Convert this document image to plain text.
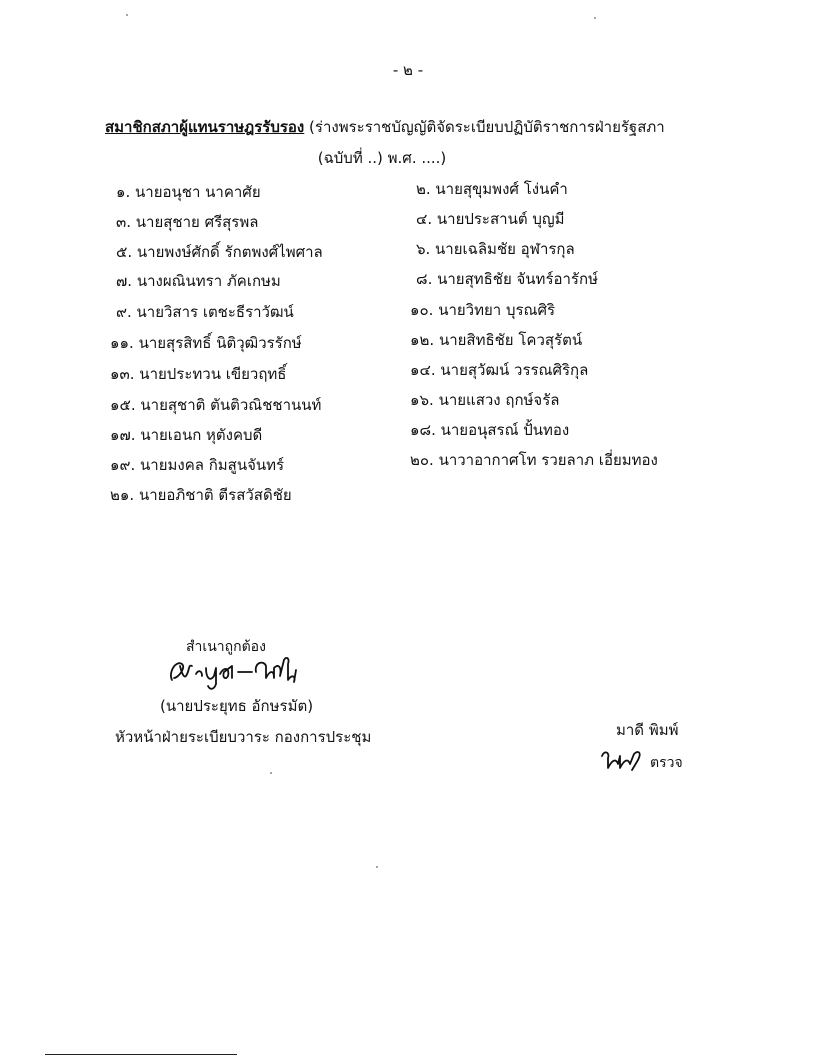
- ๒ -
สมาชิกสภาผู้แทนราษฎรรับรอง (ร่างพระราชบัญญัติจัดระเบียบปฏิบัติราชการฝ่ายรัฐสภา
(ฉบับที่ ..) พ.ศ. ....)
๑. นายอนุชา นาคาศัย	๒. นายสุขุมพงศ์ โง่นคำ
๓. นายสุชาย ศรีสุรพล	๔. นายประสานต์ บุญมี
๕. นายพงษ์ศักดิ์ รักตพงศ์ไพศาล	๖. นายเฉลิมชัย อุฬารกุล
๗. นางผณินทรา ภัคเกษม	๘. นายสุทธิชัย จันทร์อารักษ์
๙. นายวิสาร เตชะธีราวัฒน์	๑๐. นายวิทยา บุรณศิริ
๑๑. นายสุรสิทธิ์ นิติวุฒิวรรักษ์	๑๒. นายสิทธิชัย โควสุรัตน์
๑๓. นายประทวน เขียวฤทธิ์	๑๔. นายสุวัฒน์ วรรณศิริกุล
๑๕. นายสุชาติ ตันติวณิชชานนท์	๑๖. นายแสวง ฤกษ์จรัล
๑๗. นายเอนก หุตังคบดี	๑๘. นายอนุสรณ์ ปั้นทอง
๑๙. นายมงคล กิมสูนจันทร์	๒๐. นาวาอากาศโท รวยลาภ เอี่ยมทอง
๒๑. นายอภิชาติ ตีรสวัสดิชัย
สำเนาถูกต้อง
(นายประยุทธ อักษรมัต)
หัวหน้าฝ่ายระเบียบวาระ กองการประชุม	มาดี พิมพ์
ตรวจ
